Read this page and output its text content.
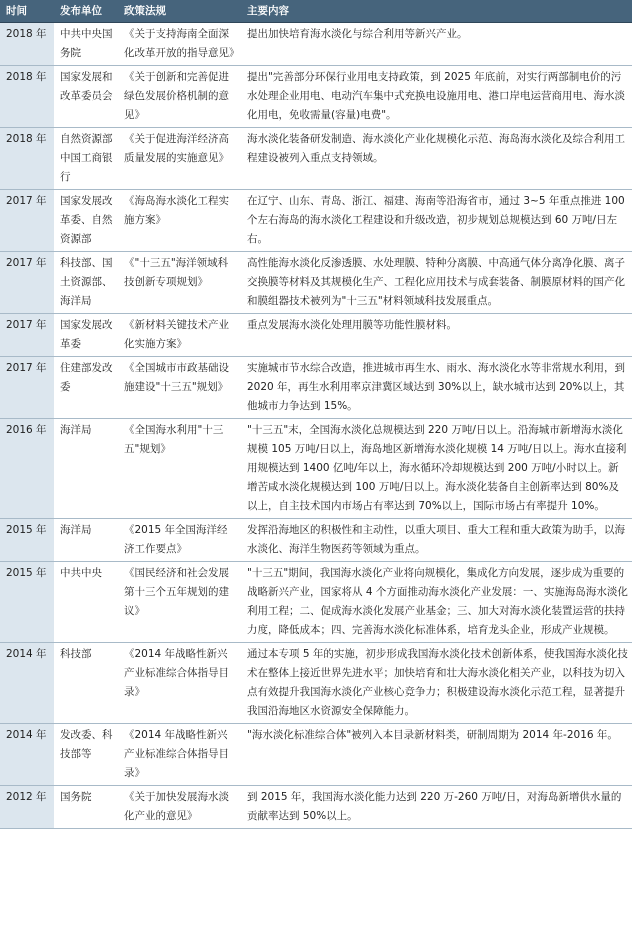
时间	发布单位	政策法规	主要内容
2018 年	中共中央国务院	《关于支持海南全面深化改革开放的指导意见》	提出加快培育海水淡化与综合利用等新兴产业。
2018 年	国家发展和改革委员会	《关于创新和完善促进绿色发展价格机制的意见》	提出"完善部分环保行业用电支持政策，到 2025 年底前，对实行两部制电价的污水处理企业用电、电动汽车集中式充换电设施用电、港口岸电运营商用电、海水淡化用电，免收需量(容量)电费"。
2018 年	自然资源部中国工商银行	《关于促进海洋经济高质量发展的实施意见》	海水淡化装备研发制造、海水淡化产业化规模化示范、海岛海水淡化及综合利用工程建设被列入重点支持领域。
2017 年	国家发展改革委、自然资源部	《海岛海水淡化工程实施方案》	在辽宁、山东、青岛、浙江、福建、海南等沿海省市，通过 3~5 年重点推进 100 个左右海岛的海水淡化工程建设和升级改造，初步规划总规模达到 60 万吨/日左右。
2017 年	科技部、国土资源部、海洋局	《"十三五"海洋领域科技创新专项规划》	高性能海水淡化反渗透膜、水处理膜、特种分离膜、中高通气体分离净化膜、离子交换膜等材料及其规模化生产、工程化应用技术与成套装备、制膜原材料的国产化和膜组器技术被列为"十三五"材料领域科技发展重点。
2017 年	国家发展改革委	《新材料关键技术产业化实施方案》	重点发展海水淡化处理用膜等功能性膜材料。
2017 年	住建部发改委	《全国城市市政基础设施建设"十三五"规划》	实施城市节水综合改造，推进城市再生水、雨水、海水淡化水等非常规水利用，到 2020 年，再生水利用率京津冀区域达到 30%以上，缺水城市达到 20%以上，其他城市力争达到 15%。
2016 年	海洋局	《全国海水利用"十三五"规划》	"十三五"末，全国海水淡化总规模达到 220 万吨/日以上。沿海城市新增海水淡化规模 105 万吨/日以上，海岛地区新增海水淡化规模 14 万吨/日以上。海水直接利用规模达到 1400 亿吨/年以上，海水循环冷却规模达到 200 万吨/小时以上。新增苦咸水淡化规模达到 100 万吨/日以上。海水淡化装备自主创新率达到 80%及以上，自主技术国内市场占有率达到 70%以上，国际市场占有率提升 10%。
2015 年	海洋局	《2015 年全国海洋经济工作要点》	发挥沿海地区的积极性和主动性，以重大项目、重大工程和重大政策为助手，以海水淡化、海洋生物医药等领域为重点。
2015 年	中共中央	《国民经济和社会发展第十三个五年规划的建议》	"十三五"期间，我国海水淡化产业将向规模化，集成化方向发展，逐步成为重要的战略新兴产业，国家将从 4 个方面推动海水淡化产业发展：一、实施海岛海水淡化利用工程；二、促成海水淡化发展产业基金；三、加大对海水淡化装置运营的扶持力度，降低成本；四、完善海水淡化标准体系，培育龙头企业，形成产业规模。
2014 年	科技部	《2014 年战略性新兴产业标准综合体指导目录》	通过本专项 5 年的实施，初步形成我国海水淡化技术创新体系，使我国海水淡化技术在整体上接近世界先进水平；加快培育和壮大海水淡化相关产业，以科技为切入点有效提升我国海水淡化产业核心竞争力；积极建设海水淡化示范工程，显著提升我国沿海地区水资源安全保障能力。
2014 年	发改委、科技部等	《2014 年战略性新兴产业标准综合体指导目录》	"海水淡化标准综合体"被列入本目录新材料类，研制周期为 2014 年-2016 年。
2012 年	国务院	《关于加快发展海水淡化产业的意见》	到 2015 年，我国海水淡化能力达到 220 万-260 万吨/日，对海岛新增供水量的贡献率达到 50%以上。
